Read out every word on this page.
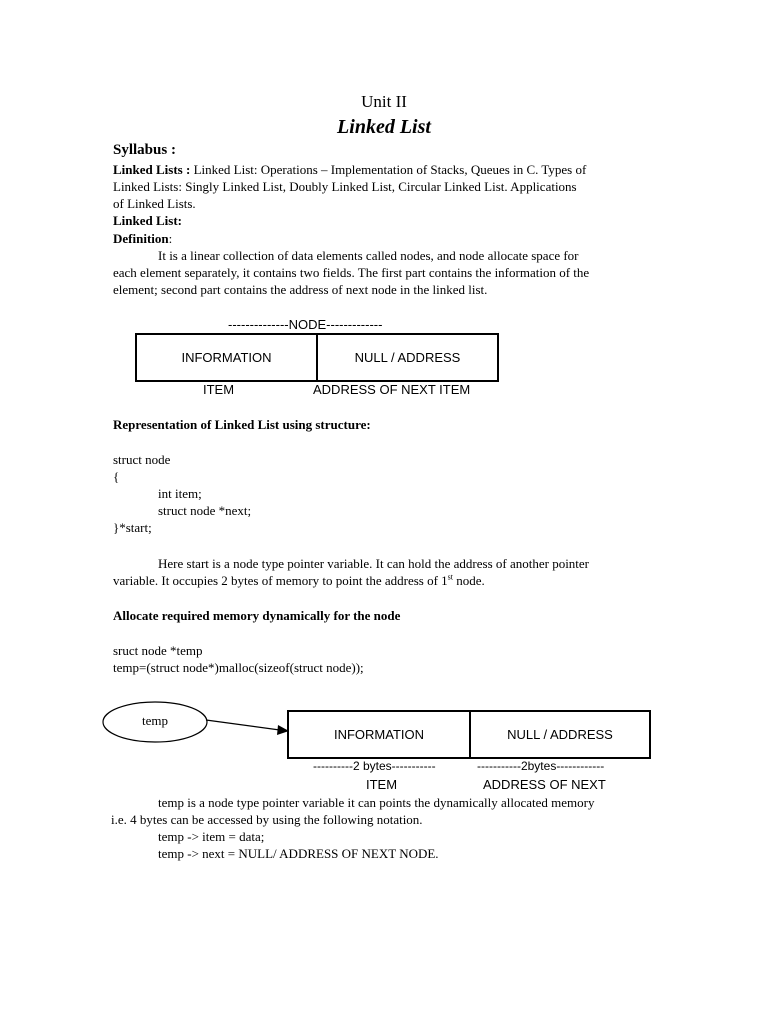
Unit II
Linked List
Syllabus :
Linked Lists : Linked List: Operations – Implementation of Stacks, Queues in C. Types of
Linked Lists: Singly Linked List, Doubly Linked List, Circular Linked List. Applications
of Linked Lists.
Linked List:
Definition:
It is a linear collection of data elements called nodes, and node allocate space for
each element separately, it contains two fields. The first part contains the information of the
element; second part contains the address of next node in the linked list.
--------------NODE-------------
INFORMATION	NULL / ADDRESS
ITEM	ADDRESS OF NEXT ITEM
Representation of Linked List using structure:
struct node
{
int item;
struct node *next;
}*start;
Here start is a node type pointer variable. It can hold the address of another pointer
variable. It occupies 2 bytes of memory to point the address of 1st node.
Allocate required memory dynamically for the node
sruct node *temp
temp=(struct node*)malloc(sizeof(struct node));
temp
INFORMATION	NULL / ADDRESS
----------2 bytes-----------	-----------2bytes------------
ITEM	ADDRESS OF NEXT
temp is a node type pointer variable it can points the dynamically allocated memory
i.e. 4 bytes can be accessed by using the following notation.
temp -> item = data;
temp -> next = NULL/ ADDRESS OF NEXT NODE.
